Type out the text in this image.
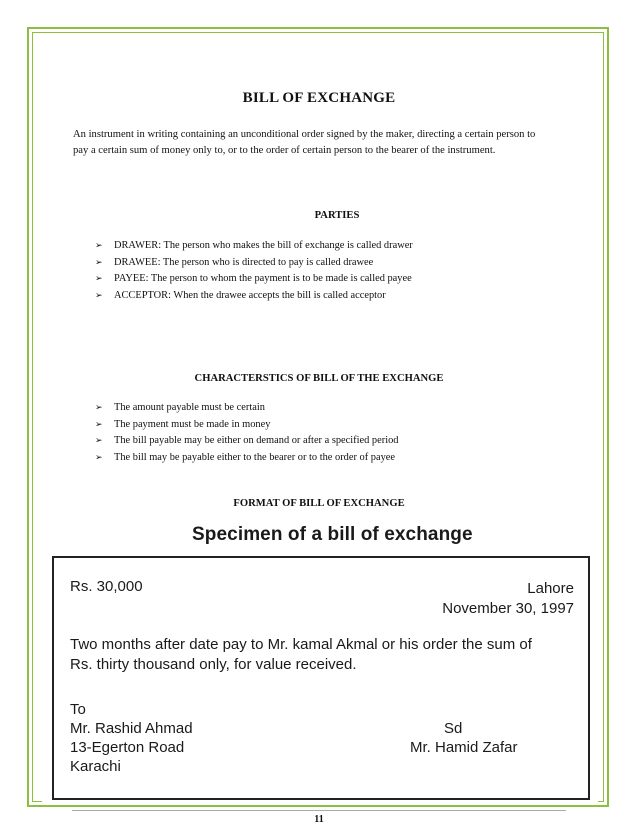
BILL OF EXCHANGE
An instrument in writing containing an unconditional order signed by the maker, directing a certain person to pay a certain sum of money only to, or to the order of certain person to the bearer of the instrument.
PARTIES
➢ DRAWER: The person who makes the bill of exchange is called drawer
➢ DRAWEE: The person who is directed to pay is called drawee
➢ PAYEE: The person to whom the payment is to be made is called payee
➢ ACCEPTOR: When the drawee accepts the bill is called acceptor
CHARACTERSTICS OF BILL OF THE EXCHANGE
➢ The amount payable must be certain
➢ The payment must be made in money
➢ The bill payable may be either on demand or after a specified period
➢ The bill may be payable either to the bearer or to the order of payee
FORMAT OF BILL OF EXCHANGE
Specimen of a bill of exchange
Rs. 30,000	Lahore
November 30, 1997
Two months after date pay to Mr. kamal Akmal or his order the sum of
Rs. thirty thousand only, for value received.
To
Mr. Rashid Ahmad
13-Egerton Road
Karachi
Sd
Mr. Hamid Zafar
11
